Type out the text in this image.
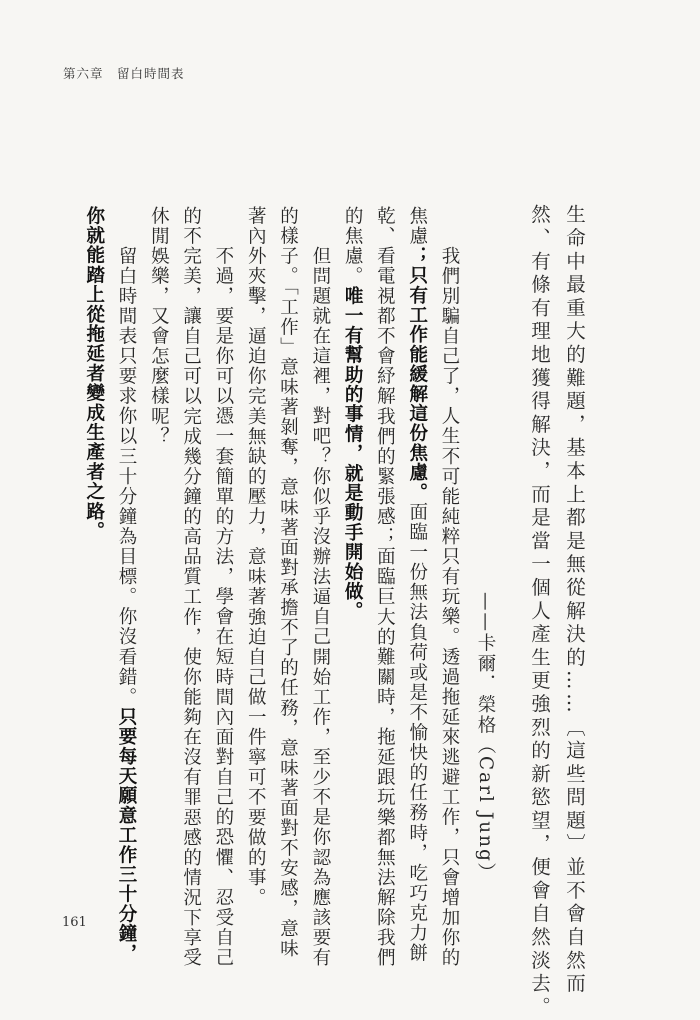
第六章　留白時間表
生命中最重大的難題，基本上都是無從解決的……〔這些問題〕並不會自然而
然、有條有理地獲得解決，而是當一個人產生更強烈的新慾望，便會自然淡去。
——卡爾．榮格（Carl Jung）
我們別騙自己了，人生不可能純粹只有玩樂。透過拖延來逃避工作，只會增加你的
焦慮；只有工作能緩解這份焦慮。面臨一份無法負荷或是不愉快的任務時，吃巧克力餅
乾、看電視都不會紓解我們的緊張感；面臨巨大的難關時，拖延跟玩樂都無法解除我們
的焦慮。唯一有幫助的事情，就是動手開始做。
但問題就在這裡，對吧？你似乎沒辦法逼自己開始工作，至少不是你認為應該要有
的樣子。「工作」意味著剝奪，意味著面對承擔不了的任務，意味著面對不安感，意味
著內外夾擊，逼迫你完美無缺的壓力，意味著強迫自己做一件寧可不要做的事。
不過，要是你可以憑一套簡單的方法，學會在短時間內面對自己的恐懼、忍受自己
的不完美，讓自己可以完成幾分鐘的高品質工作，使你能夠在沒有罪惡感的情況下享受
休閒娛樂，又會怎麼樣呢？
留白時間表只要求你以三十分鐘為目標。你沒看錯。只要每天願意工作三十分鐘，
你就能踏上從拖延者變成生產者之路。
161
